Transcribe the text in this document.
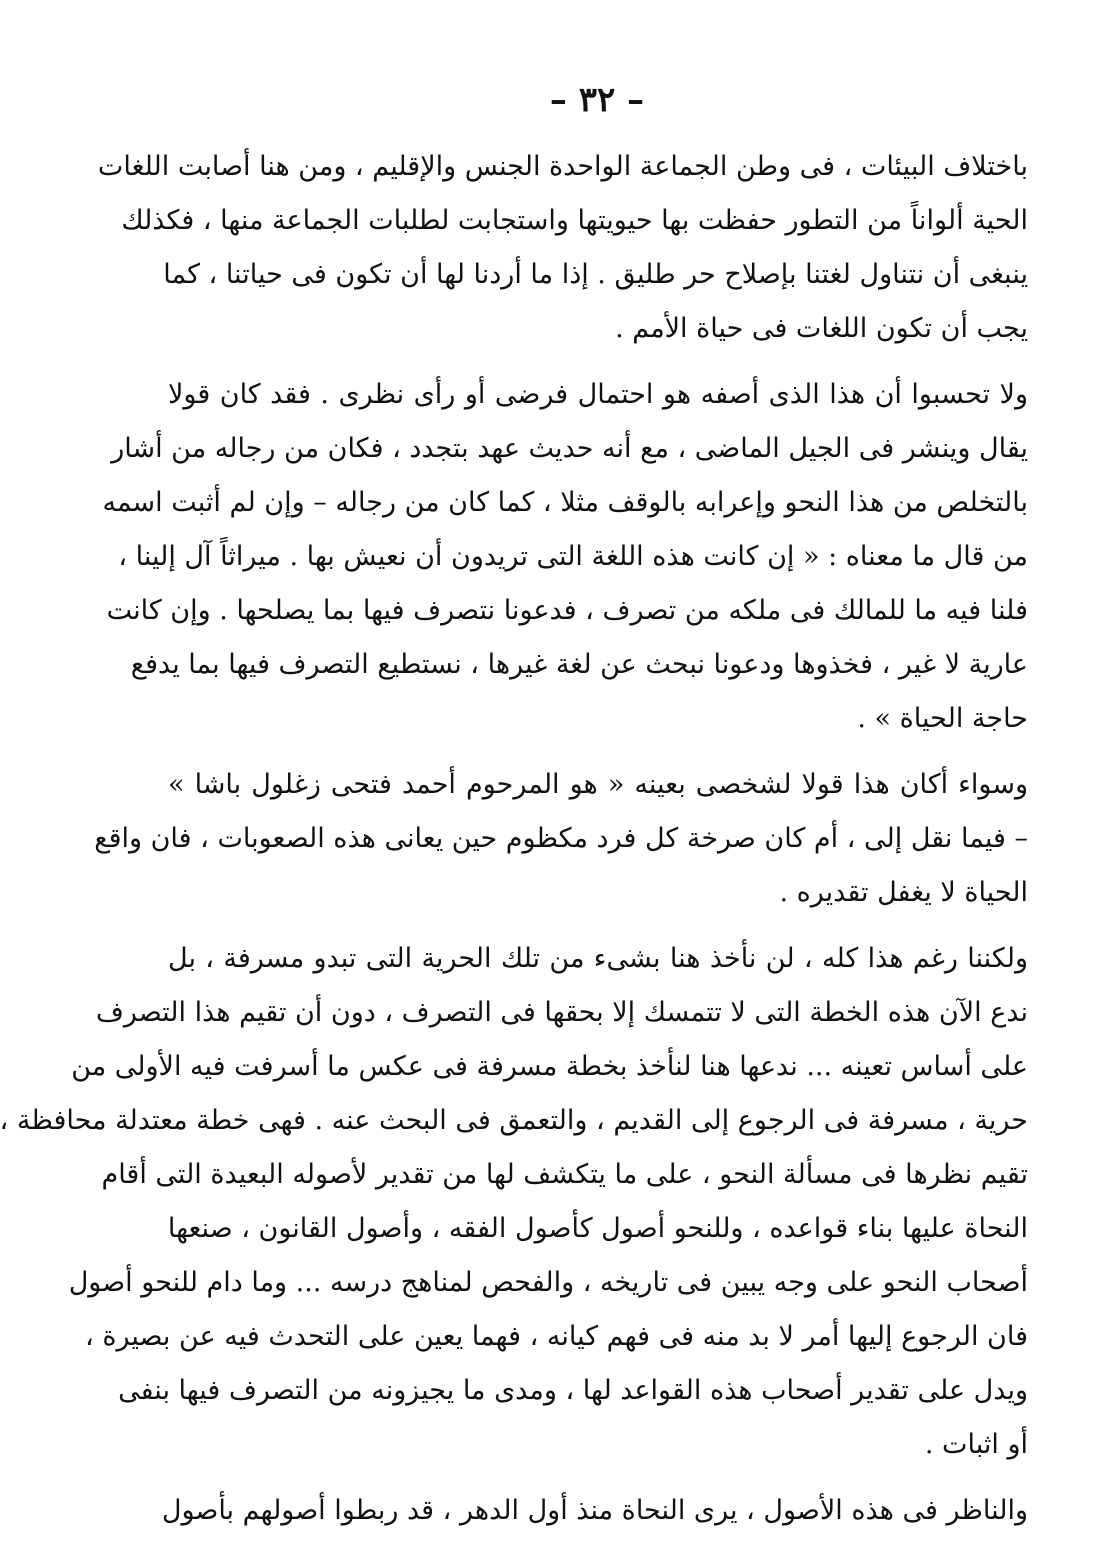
– ٣٢ –
باختلاف البيئات ، فى وطن الجماعة الواحدة الجنس والإقليم ، ومن هنا أصابت اللغات
الحية ألواناً من التطور حفظت بها حيويتها واستجابت لطلبات الجماعة منها ، فكذلك
ينبغى أن نتناول لغتنا بإصلاح حر طليق . إذا ما أردنا لها أن تكون فى حياتنا ، كما
يجب أن تكون اللغات فى حياة الأمم .
ولا تحسبوا أن هذا الذى أصفه هو احتمال فرضى أو رأى نظرى . فقد كان قولا
يقال وينشر فى الجيل الماضى ، مع أنه حديث عهد بتجدد ، فكان من رجاله من أشار
بالتخلص من هذا النحو وإعرابه بالوقف مثلا ، كما كان من رجاله – وإن لم أثبت اسمه
من قال ما معناه : « إن كانت هذه اللغة التى تريدون أن نعيش بها . ميراثاً آل إلينا ،
فلنا فيه ما للمالك فى ملكه من تصرف ، فدعونا نتصرف فيها بما يصلحها . وإن كانت
عارية لا غير ، فخذوها ودعونا نبحث عن لغة غيرها ، نستطيع التصرف فيها بما يدفع
حاجة الحياة » .
وسواء أكان هذا قولا لشخصى بعينه « هو المرحوم أحمد فتحى زغلول باشا »
– فيما نقل إلى ، أم كان صرخة كل فرد مكظوم حين يعانى هذه الصعوبات ، فان واقع
الحياة لا يغفل تقديره .
ولكننا رغم هذا كله ، لن نأخذ هنا بشىء من تلك الحرية التى تبدو مسرفة ، بل
ندع الآن هذه الخطة التى لا تتمسك إلا بحقها فى التصرف ، دون أن تقيم هذا التصرف
على أساس تعينه ... ندعها هنا لنأخذ بخطة مسرفة فى عكس ما أسرفت فيه الأولى من
حرية ، مسرفة فى الرجوع إلى القديم ، والتعمق فى البحث عنه . فهى خطة معتدلة محافظة ،
تقيم نظرها فى مسألة النحو ، على ما يتكشف لها من تقدير لأصوله البعيدة التى أقام
النحاة عليها بناء قواعده ، وللنحو أصول كأصول الفقه ، وأصول القانون ، صنعها
أصحاب النحو على وجه يبين فى تاريخه ، والفحص لمناهج درسه ... وما دام للنحو أصول
فان الرجوع إليها أمر لا بد منه فى فهم كيانه ، فهما يعين على التحدث فيه عن بصيرة ،
ويدل على تقدير أصحاب هذه القواعد لها ، ومدى ما يجيزونه من التصرف فيها بنفى
أو اثبات .
والناظر فى هذه الأصول ، يرى النحاة منذ أول الدهر ، قد ربطوا أصولهم بأصول
